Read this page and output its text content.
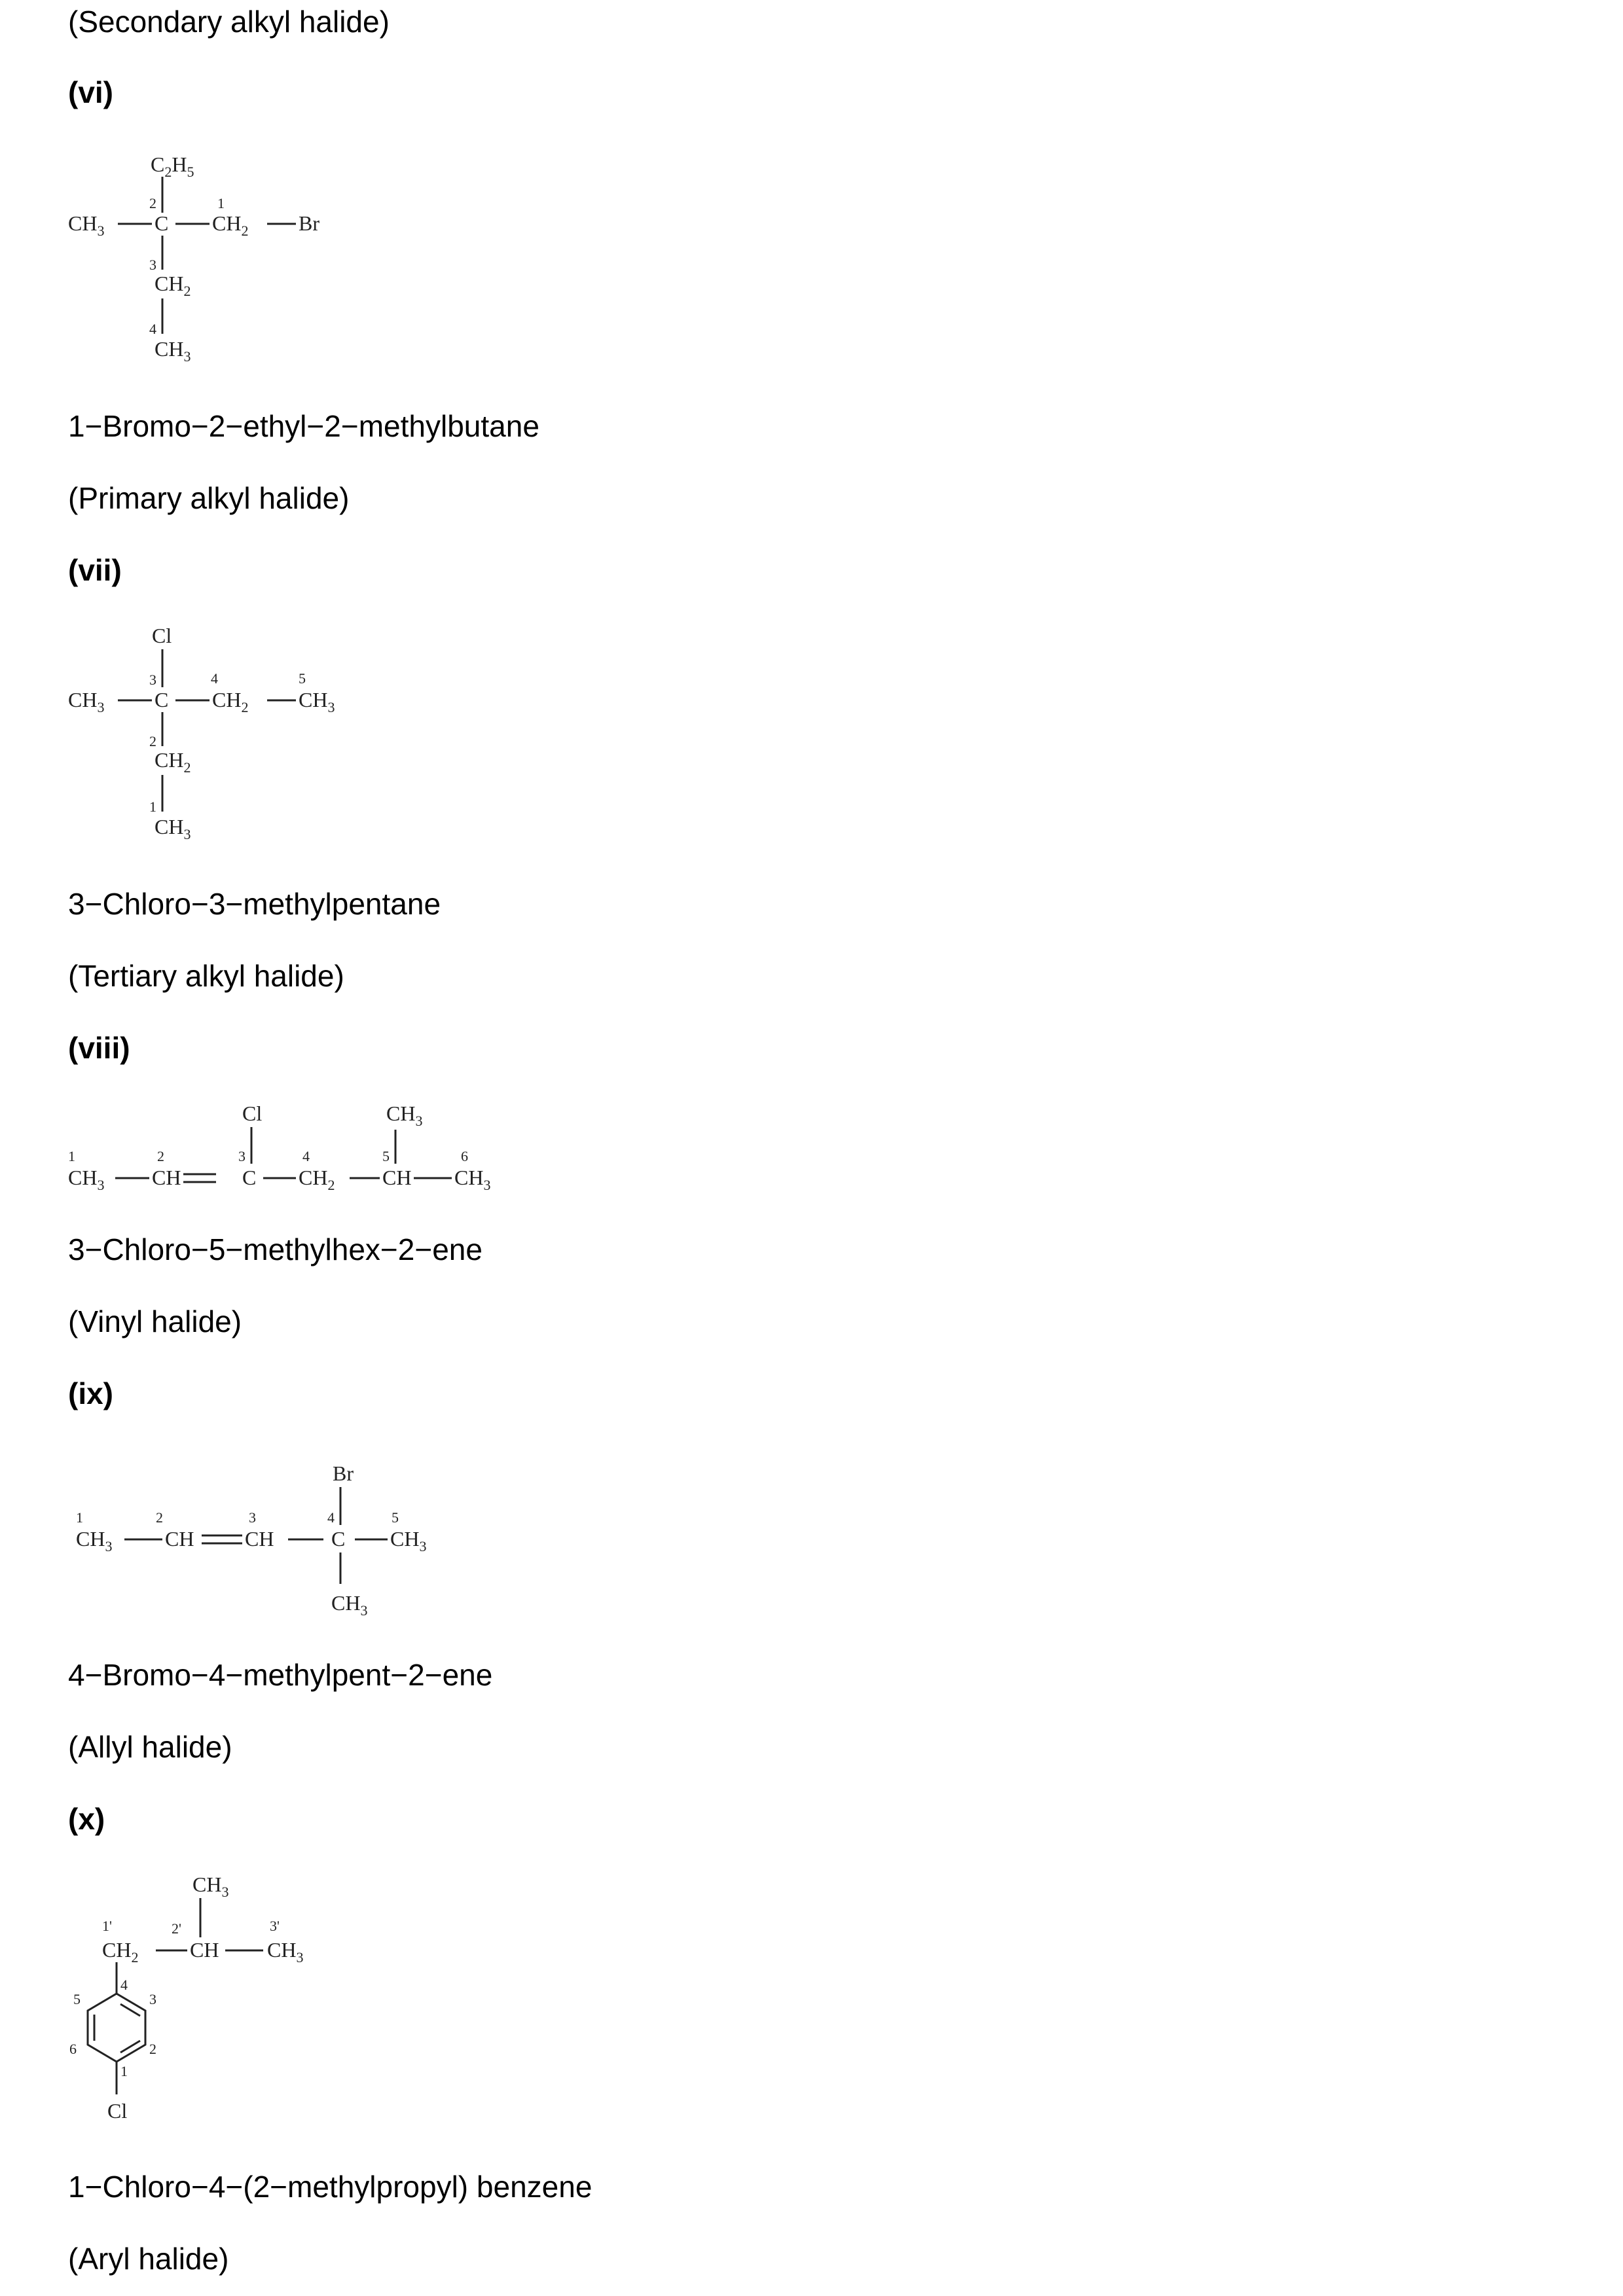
(Secondary alkyl halide)
(vi)
$C_2H_5$
2	1
$CH_3$ C $CH_2$ Br
3
$CH_2$
4
$CH_3$
1−Bromo−2−ethyl−2−methylbutane
(Primary alkyl halide)
(vii)
Cl
3	4	5
$CH_3$ C $CH_2$ $CH_3$
2
$CH_2$
1
$CH_3$
3−Chloro−3−methylpentane
(Tertiary alkyl halide)
(viii)
Cl	$CH_3$
1	2	3	4	5	6
$CH_3$ CH	C $CH_2$ CH $CH_3$
3−Chloro−5−methylhex−2−ene
(Vinyl halide)
(ix)
Br
1	2	3	4	5
$CH_3$	CH CH	C $CH_3$
$CH_3$
4−Bromo−4−methylpent−2−ene
(Allyl halide)
(x)
$CH_3$
1'	2'	3'
$CH_2$ CH $CH_3$
4
5	3
6	2
1
Cl
1−Chloro−4−(2−methylpropyl) benzene
(Aryl halide)
